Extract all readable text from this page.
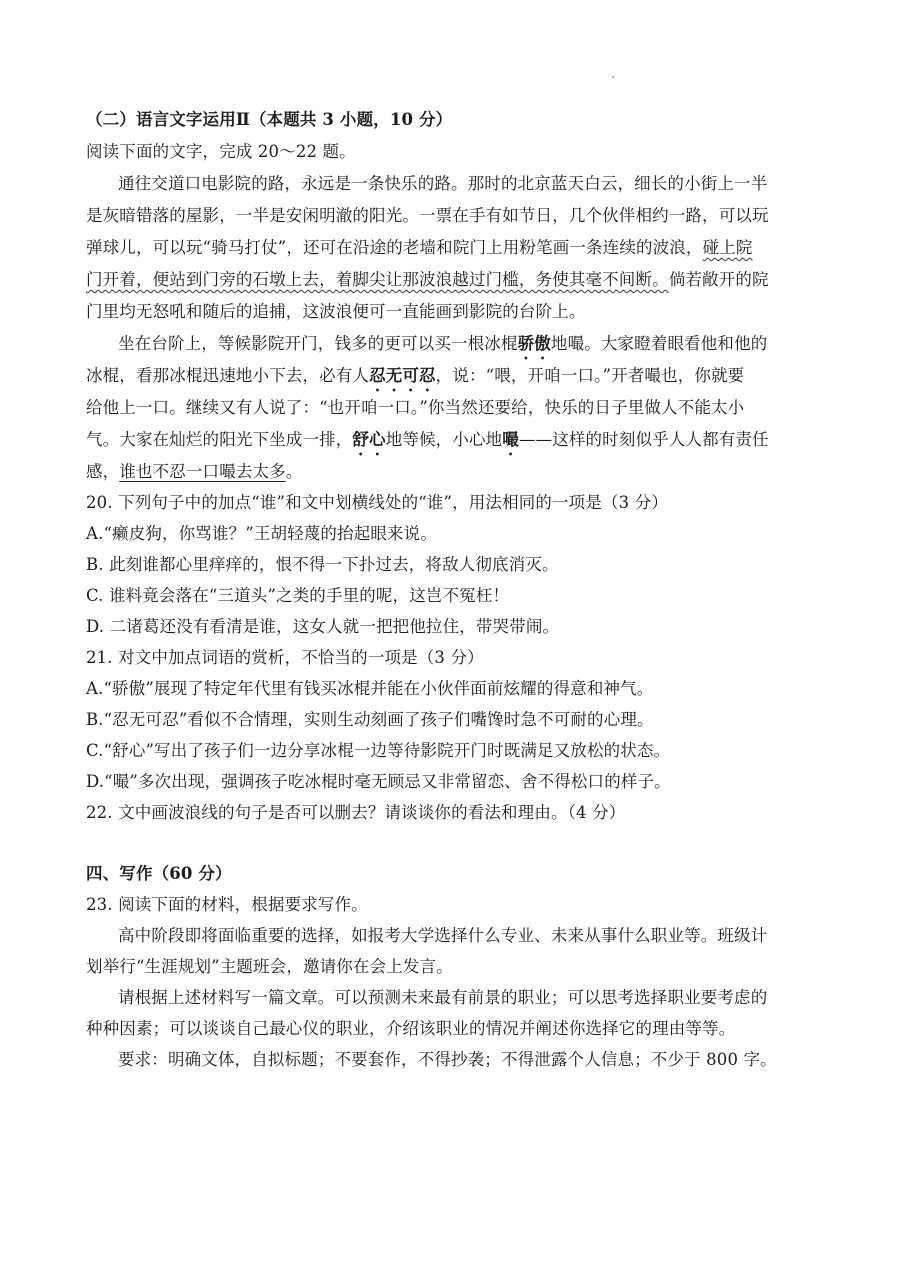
（二）语言文字运用Ⅱ（本题共 3 小题，10 分）
阅读下面的文字，完成 20～22 题。
通往交道口电影院的路，永远是一条快乐的路。那时的北京蓝天白云，细长的小街上一半
是灰暗错落的屋影，一半是安闲明澈的阳光。一票在手有如节日，几个伙伴相约一路，可以玩
弹球儿，可以玩“骑马打仗”，还可在沿途的老墙和院门上用粉笔画一条连续的波浪，碰上院
门开着，便站到门旁的石墩上去，着脚尖让那波浪越过门槛，务使其毫不间断。倘若敞开的院
门里均无怒吼和随后的追捕，这波浪便可一直能画到影院的台阶上。
坐在台阶上，等候影院开门，钱多的更可以买一根冰棍骄傲地嘬。大家瞪着眼看他和他的
冰棍，看那冰棍迅速地小下去，必有人忍无可忍，说：“喂，开咱一口。”开者嘬也，你就要
给他上一口。继续又有人说了：“也开咱一口。”你当然还要给，快乐的日子里做人不能太小
气。大家在灿烂的阳光下坐成一排，舒心地等候，小心地嘬——这样的时刻似乎人人都有责任
感，谁也不忍一口嘬去太多。
20. 下列句子中的加点“谁”和文中划横线处的“谁”，用法相同的一项是（3 分）
A.“癞皮狗，你骂谁？”王胡轻蔑的抬起眼来说。
B. 此刻谁都心里痒痒的，恨不得一下扑过去，将敌人彻底消灭。
C. 谁料竟会落在“三道头”之类的手里的呢，这岂不冤枉！
D. 二诸葛还没有看清是谁，这女人就一把把他拉住，带哭带闹。
21. 对文中加点词语的赏析，不恰当的一项是（3 分）
A.“骄傲”展现了特定年代里有钱买冰棍并能在小伙伴面前炫耀的得意和神气。
B.“忍无可忍”看似不合情理，实则生动刻画了孩子们嘴馋时急不可耐的心理。
C.“舒心”写出了孩子们一边分享冰棍一边等待影院开门时既满足又放松的状态。
D.“嘬”多次出现，强调孩子吃冰棍时毫无顾忌又非常留恋、舍不得松口的样子。
22. 文中画波浪线的句子是否可以删去？请谈谈你的看法和理由。（4 分）
四、写作（60 分）
23. 阅读下面的材料，根据要求写作。
高中阶段即将面临重要的选择，如报考大学选择什么专业、未来从事什么职业等。班级计
划举行“生涯规划”主题班会，邀请你在会上发言。
请根据上述材料写一篇文章。可以预测未来最有前景的职业；可以思考选择职业要考虑的
种种因素；可以谈谈自己最心仪的职业，介绍该职业的情况并阐述你选择它的理由等等。
要求：明确文体，自拟标题；不要套作，不得抄袭；不得泄露个人信息；不少于 800 字。
